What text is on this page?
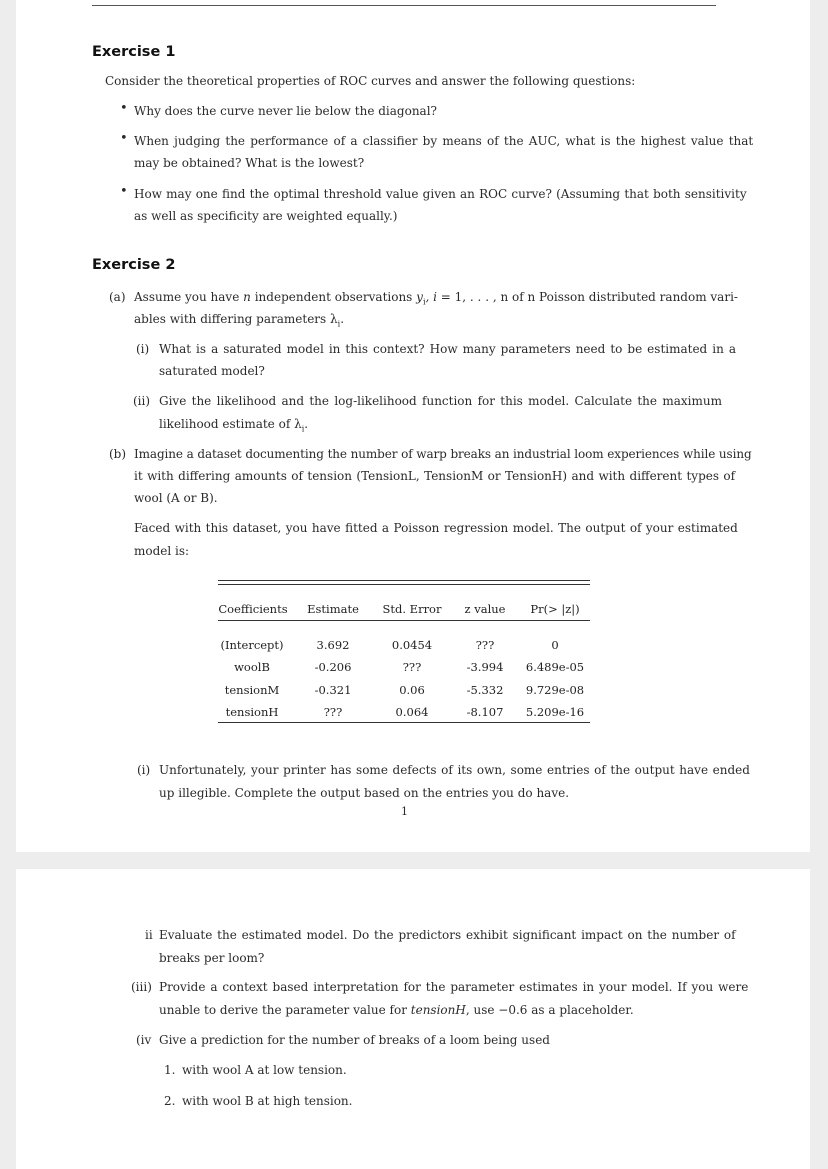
Exercise 1
Consider the theoretical properties of ROC curves and answer the following questions:
• Why does the curve never lie below the diagonal?
• When judging the performance of a classifier by means of the AUC, what is the highest value that
may be obtained? What is the lowest?
• How may one find the optimal threshold value given an ROC curve? (Assuming that both sensitivity
as well as specificity are weighted equally.)
Exercise 2
(a) Assume you have n independent observations $y_i$, i = 1, . . . , n of n Poisson distributed random vari-
ables with differing parameters $\lambda_i$.
(i) What is a saturated model in this context? How many parameters need to be estimated in a
saturated model?
(ii) Give the likelihood and the log-likelihood function for this model. Calculate the maximum
likelihood estimate of $\lambda_i$.
(b) Imagine a dataset documenting the number of warp breaks an industrial loom experiences while using
it with differing amounts of tension (TensionL, TensionM or TensionH) and with different types of
wool (A or B).
Faced with this dataset, you have fitted a Poisson regression model. The output of your estimated
model is:
Coefficients	Estimate	Std. Error	z value	Pr(> |z|)
(Intercept)	3.692	0.0454	???	0
woolB	-0.206	???	-3.994	6.489e-05
tensionM	-0.321	0.06	-5.332	9.729e-08
tensionH	???	0.064	-8.107	5.209e-16
(i) Unfortunately, your printer has some defects of its own, some entries of the output have ended
up illegible. Complete the output based on the entries you do have.
1
ii Evaluate the estimated model. Do the predictors exhibit significant impact on the number of
breaks per loom?
(iii) Provide a context based interpretation for the parameter estimates in your model. If you were
unable to derive the parameter value for tensionH, use −0.6 as a placeholder.
(iv Give a prediction for the number of breaks of a loom being used
1. with wool A at low tension.
2. with wool B at high tension.
